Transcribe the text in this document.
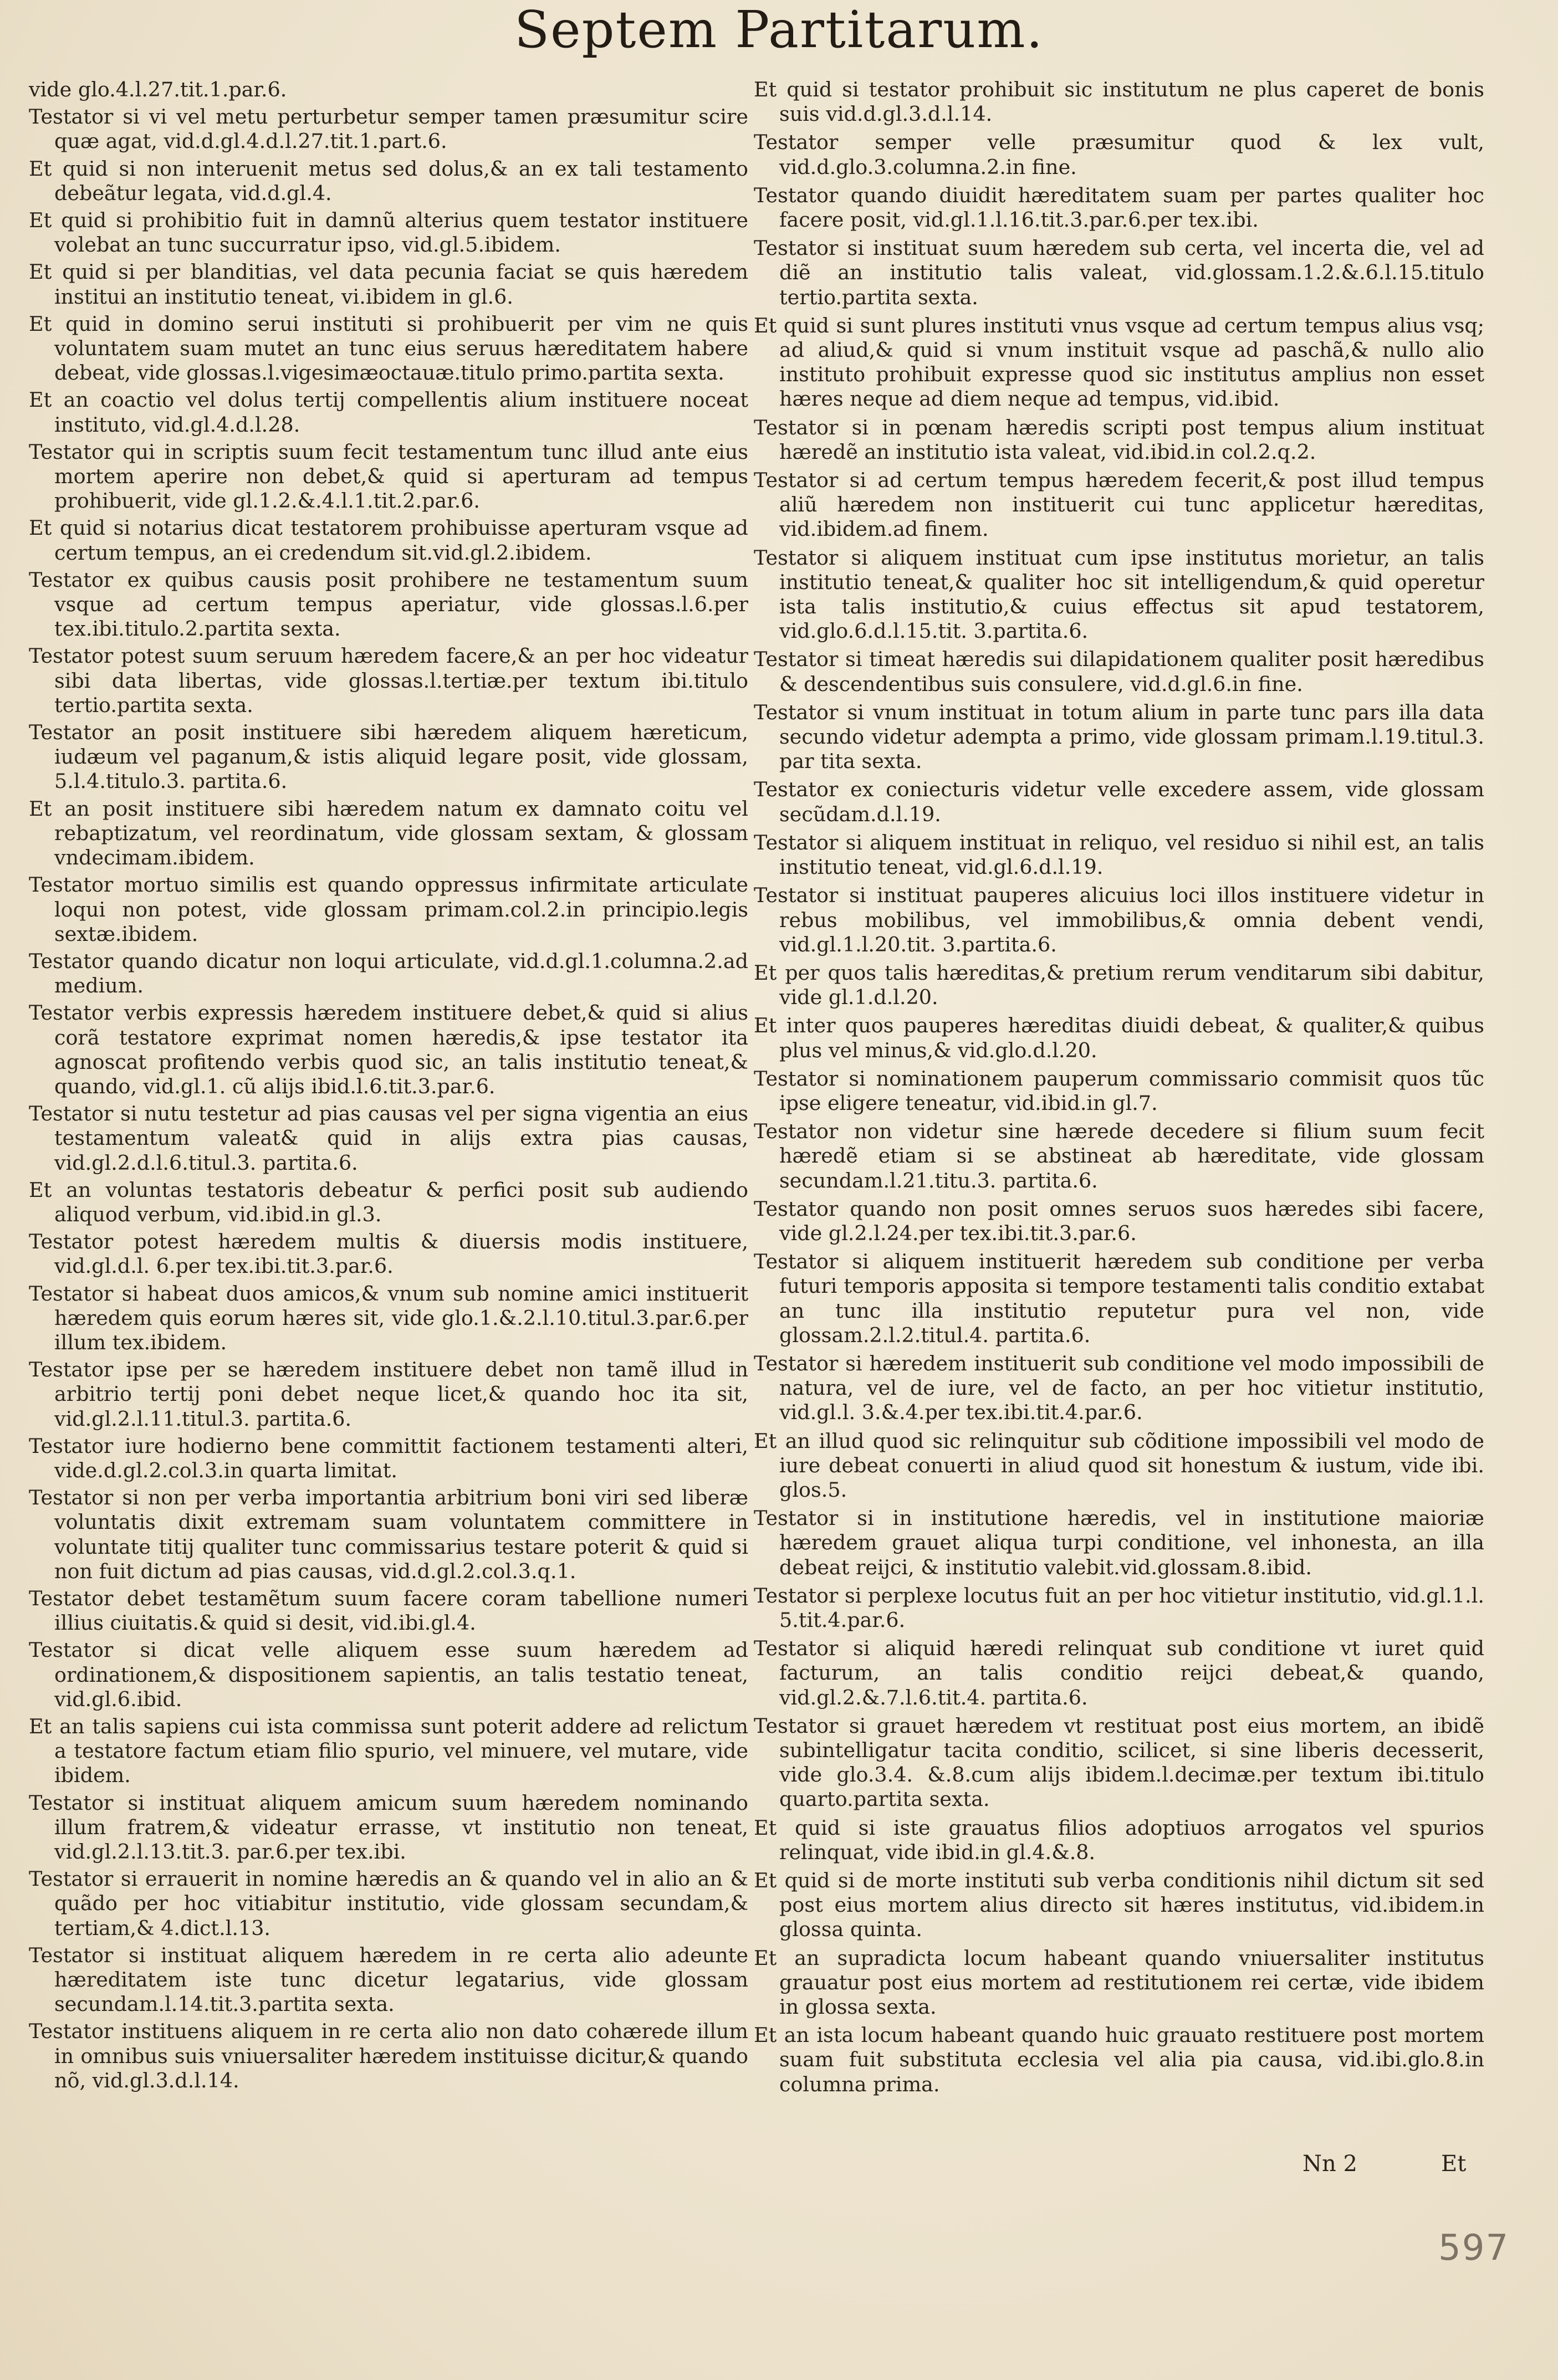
Septem Partitarum.

vide glo.4.l.27.tit.1.par.6.

Testator si vi vel metu perturbetur semper tamen præsumitur scire quæ agat, vid.d.gl.4.d.l.27.tit.1.part.6.

Et quid si non interuenit metus sed dolus,& an ex tali testamento debeãtur legata, vid.d.gl.4.

Et quid si prohibitio fuit in damnũ alterius quem testator instituere volebat an tunc succurratur ipso, vid.gl.5.ibidem.

Et quid si per blanditias, vel data pecunia faciat se quis hæredem institui an institutio teneat, vi.ibidem in gl.6.

Et quid in domino serui instituti si prohibuerit per vim ne quis voluntatem suam mutet an tunc eius seruus hæreditatem habere debeat, vide glossas.l.vigesimæoctauæ.titulo primo.partita sexta.

Et an coactio vel dolus tertij compellentis alium instituere noceat instituto, vid.gl.4.d.l.28.

Testator qui in scriptis suum fecit testamentum tunc illud ante eius mortem aperire non debet,& quid si aperturam ad tempus prohibuerit, vide gl.1.2.&.4.l.1.tit.2.par.6.

Et quid si notarius dicat testatorem prohibuisse aperturam vsque ad certum tempus, an ei credendum sit.vid.gl.2.ibidem.

Testator ex quibus causis posit prohibere ne testamentum suum vsque ad certum tempus aperiatur, vide glossas.l.6.per tex.ibi.titulo.2.partita sexta.

Testator potest suum seruum hæredem facere,& an per hoc videatur sibi data libertas, vide glossas.l.tertiæ.per textum ibi.titulo tertio.partita sexta.

Testator an posit instituere sibi hæredem aliquem hæreticum, iudæum vel paganum,& istis aliquid legare posit, vide glossam, 5.l.4.titulo.3. partita.6.

Et an posit instituere sibi hæredem natum ex damnato coitu vel rebaptizatum, vel reordinatum, vide glossam sextam, & glossam vndecimam.ibidem.

Testator mortuo similis est quando oppressus infirmitate articulate loqui non potest, vide glossam primam.col.2.in principio.legis sextæ.ibidem.

Testator quando dicatur non loqui articulate, vid.d.gl.1.columna.2.ad medium.

Testator verbis expressis hæredem instituere debet,& quid si alius corã testatore exprimat nomen hæredis,& ipse testator ita agnoscat profitendo verbis quod sic, an talis institutio teneat,& quando, vid.gl.1. cũ alijs ibid.l.6.tit.3.par.6.

Testator si nutu testetur ad pias causas vel per signa vigentia an eius testamentum valeat& quid in alijs extra pias causas, vid.gl.2.d.l.6.titul.3. partita.6.

Et an voluntas testatoris debeatur & perfici posit sub audiendo aliquod verbum, vid.ibid.in gl.3.

Testator potest hæredem multis & diuersis modis instituere, vid.gl.d.l. 6.per tex.ibi.tit.3.par.6.

Testator si habeat duos amicos,& vnum sub nomine amici instituerit hæredem quis eorum hæres sit, vide glo.1.&.2.l.10.titul.3.par.6.per illum tex.ibidem.

Testator ipse per se hæredem instituere debet non tamẽ illud in arbitrio tertij poni debet neque licet,& quando hoc ita sit, vid.gl.2.l.11.titul.3. partita.6.

Testator iure hodierno bene committit factionem testamenti alteri, vide.d.gl.2.col.3.in quarta limitat.

Testator si non per verba importantia arbitrium boni viri sed liberæ voluntatis dixit extremam suam voluntatem committere in voluntate titij qualiter tunc commissarius testare poterit & quid si non fuit dictum ad pias causas, vid.d.gl.2.col.3.q.1.

Testator debet testamẽtum suum facere coram tabellione numeri illius ciuitatis.& quid si desit, vid.ibi.gl.4.

Testator si dicat velle aliquem esse suum hæredem ad ordinationem,& dispositionem sapientis, an talis testatio teneat, vid.gl.6.ibid.

Et an talis sapiens cui ista commissa sunt poterit addere ad relictum a testatore factum etiam filio spurio, vel minuere, vel mutare, vide ibidem.

Testator si instituat aliquem amicum suum hæredem nominando illum fratrem,& videatur errasse, vt institutio non teneat, vid.gl.2.l.13.tit.3. par.6.per tex.ibi.

Testator si errauerit in nomine hæredis an & quando vel in alio an & quãdo per hoc vitiabitur institutio, vide glossam secundam,& tertiam,& 4.dict.l.13.

Testator si instituat aliquem hæredem in re certa alio adeunte hæreditatem iste tunc dicetur legatarius, vide glossam secundam.l.14.tit.3.partita sexta.

Testator instituens aliquem in re certa alio non dato cohærede illum in omnibus suis vniuersaliter hæredem instituisse dicitur,& quando nõ, vid.gl.3.d.l.14.

Et quid si testator prohibuit sic institutum ne plus caperet de bonis suis vid.d.gl.3.d.l.14.

Testator semper velle præsumitur quod & lex vult, vid.d.glo.3.columna.2.in fine.

Testator quando diuidit hæreditatem suam per partes qualiter hoc facere posit, vid.gl.1.l.16.tit.3.par.6.per tex.ibi.

Testator si instituat suum hæredem sub certa, vel incerta die, vel ad diẽ an institutio talis valeat, vid.glossam.1.2.&.6.l.15.titulo tertio.partita sexta.

Et quid si sunt plures instituti vnus vsque ad certum tempus alius vsq; ad aliud,& quid si vnum instituit vsque ad paschã,& nullo alio instituto prohibuit expresse quod sic institutus amplius non esset hæres neque ad diem neque ad tempus, vid.ibid.

Testator si in pœnam hæredis scripti post tempus alium instituat hæredẽ an institutio ista valeat, vid.ibid.in col.2.q.2.

Testator si ad certum tempus hæredem fecerit,& post illud tempus aliũ hæredem non instituerit cui tunc applicetur hæreditas, vid.ibidem.ad finem.

Testator si aliquem instituat cum ipse institutus morietur, an talis institutio teneat,& qualiter hoc sit intelligendum,& quid operetur ista talis institutio,& cuius effectus sit apud testatorem, vid.glo.6.d.l.15.tit. 3.partita.6.

Testator si timeat hæredis sui dilapidationem qualiter posit hæredibus & descendentibus suis consulere, vid.d.gl.6.in fine.

Testator si vnum instituat in totum alium in parte tunc pars illa data secundo videtur adempta a primo, vide glossam primam.l.19.titul.3. par tita sexta.

Testator ex coniecturis videtur velle excedere assem, vide glossam secũdam.d.l.19.

Testator si aliquem instituat in reliquo, vel residuo si nihil est, an talis institutio teneat, vid.gl.6.d.l.19.

Testator si instituat pauperes alicuius loci illos instituere videtur in rebus mobilibus, vel immobilibus,& omnia debent vendi, vid.gl.1.l.20.tit. 3.partita.6.

Et per quos talis hæreditas,& pretium rerum venditarum sibi dabitur, vide gl.1.d.l.20.

Et inter quos pauperes hæreditas diuidi debeat, & qualiter,& quibus plus vel minus,& vid.glo.d.l.20.

Testator si nominationem pauperum commissario commisit quos tũc ipse eligere teneatur, vid.ibid.in gl.7.

Testator non videtur sine hærede decedere si filium suum fecit hæredẽ etiam si se abstineat ab hæreditate, vide glossam secundam.l.21.titu.3. partita.6.

Testator quando non posit omnes seruos suos hæredes sibi facere, vide gl.2.l.24.per tex.ibi.tit.3.par.6.

Testator si aliquem instituerit hæredem sub conditione per verba futuri temporis apposita si tempore testamenti talis conditio extabat an tunc illa institutio reputetur pura vel non, vide glossam.2.l.2.titul.4. partita.6.

Testator si hæredem instituerit sub conditione vel modo impossibili de natura, vel de iure, vel de facto, an per hoc vitietur institutio, vid.gl.l. 3.&.4.per tex.ibi.tit.4.par.6.

Et an illud quod sic relinquitur sub cõditione impossibili vel modo de iure debeat conuerti in aliud quod sit honestum & iustum, vide ibi. glos.5.

Testator si in institutione hæredis, vel in institutione maioriæ hæredem grauet aliqua turpi conditione, vel inhonesta, an illa debeat reijci, & institutio valebit.vid.glossam.8.ibid.

Testator si perplexe locutus fuit an per hoc vitietur institutio, vid.gl.1.l. 5.tit.4.par.6.

Testator si aliquid hæredi relinquat sub conditione vt iuret quid facturum, an talis conditio reijci debeat,& quando, vid.gl.2.&.7.l.6.tit.4. partita.6.

Testator si grauet hæredem vt restituat post eius mortem, an ibidẽ subintelligatur tacita conditio, scilicet, si sine liberis decesserit, vide glo.3.4. &.8.cum alijs ibidem.l.decimæ.per textum ibi.titulo quarto.partita sexta.

Et quid si iste grauatus filios adoptiuos arrogatos vel spurios relinquat, vide ibid.in gl.4.&.8.

Et quid si de morte instituti sub verba conditionis nihil dictum sit sed post eius mortem alius directo sit hæres institutus, vid.ibidem.in glossa quinta.

Et an supradicta locum habeant quando vniuersaliter institutus grauatur post eius mortem ad restitutionem rei certæ, vide ibidem in glossa sexta.

Et an ista locum habeant quando huic grauato restituere post mortem suam fuit substituta ecclesia vel alia pia causa, vid.ibi.glo.8.in columna prima.

Nn 2	Et
597
